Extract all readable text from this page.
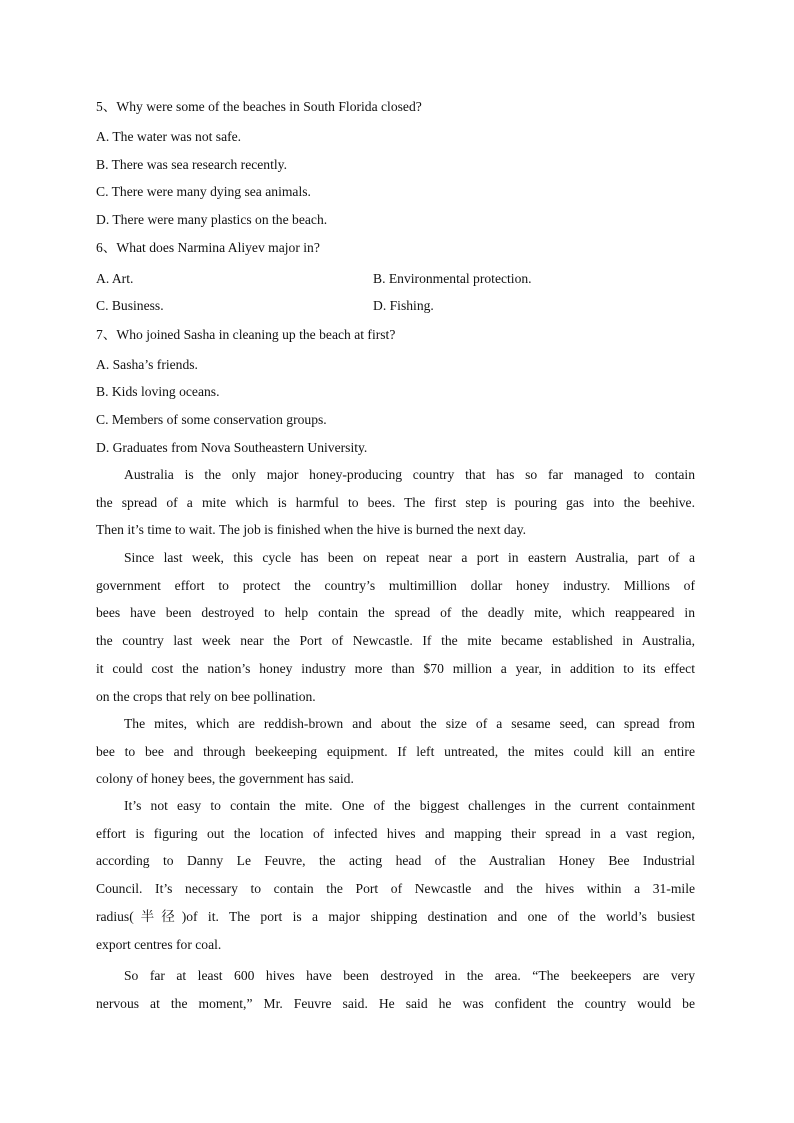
5、Why were some of the beaches in South Florida closed?
A. The water was not safe.
B. There was sea research recently.
C. There were many dying sea animals.
D. There were many plastics on the beach.
6、What does Narmina Aliyev major in?
A. Art.	B. Environmental protection.
C. Business.	D. Fishing.
7、Who joined Sasha in cleaning up the beach at first?
A. Sasha’s friends.
B. Kids loving oceans.
C. Members of some conservation groups.
D. Graduates from Nova Southeastern University.
Australia is the only major honey-producing country that has so far managed to contain
the spread of a mite which is harmful to bees. The first step is pouring gas into the beehive.
Then it’s time to wait. The job is finished when the hive is burned the next day.
Since last week, this cycle has been on repeat near a port in eastern Australia, part of a
government effort to protect the country’s multimillion dollar honey industry. Millions of
bees have been destroyed to help contain the spread of the deadly mite, which reappeared in
the country last week near the Port of Newcastle. If the mite became established in Australia,
it could cost the nation’s honey industry more than $70 million a year, in addition to its effect
on the crops that rely on bee pollination.
The mites, which are reddish-brown and about the size of a sesame seed, can spread from
bee to bee and through beekeeping equipment. If left untreated, the mites could kill an entire
colony of honey bees, the government has said.
It’s not easy to contain the mite. One of the biggest challenges in the current containment
effort is figuring out the location of infected hives and mapping their spread in a vast region,
according to Danny Le Feuvre, the acting head of the Australian Honey Bee Industrial
Council. It’s necessary to contain the Port of Newcastle and the hives within a 31-mile
radius(半径)of it. The port is a major shipping destination and one of the world’s busiest
export centres for coal.
So far at least 600 hives have been destroyed in the area. “The beekeepers are very
nervous at the moment,” Mr. Feuvre said. He said he was confident the country would be
